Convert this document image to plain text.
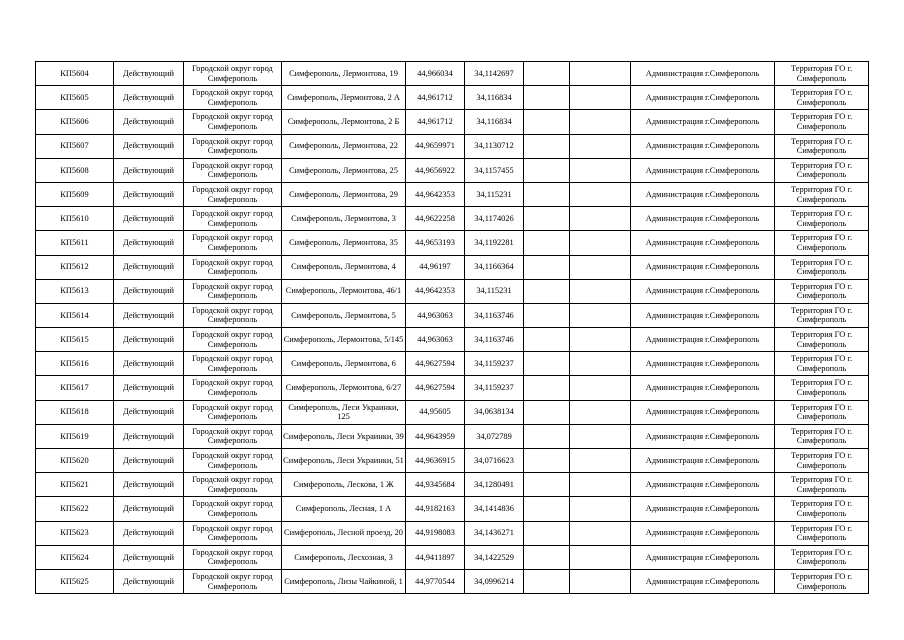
КП5604	Действующий	Городской округ город Симферополь	Симферополь, Лермонтова, 19	44,966034	34,1142697			Администрация г.Симферополь	Территория ГО г. Симферополь
КП5605	Действующий	Городской округ город Симферополь	Симферополь, Лермонтова, 2 А	44,961712	34,116834			Администрация г.Симферополь	Территория ГО г. Симферополь
КП5606	Действующий	Городской округ город Симферополь	Симферополь, Лермонтова, 2 Б	44,961712	34,116834			Администрация г.Симферополь	Территория ГО г. Симферополь
КП5607	Действующий	Городской округ город Симферополь	Симферополь, Лермонтова, 22	44,9659971	34,1130712			Администрация г.Симферополь	Территория ГО г. Симферополь
КП5608	Действующий	Городской округ город Симферополь	Симферополь, Лермонтова, 25	44,9656922	34,1157455			Администрация г.Симферополь	Территория ГО г. Симферополь
КП5609	Действующий	Городской округ город Симферополь	Симферополь, Лермонтова, 29	44,9642353	34,115231			Администрация г.Симферополь	Территория ГО г. Симферополь
КП5610	Действующий	Городской округ город Симферополь	Симферополь, Лермонтова, 3	44,9622258	34,1174026			Администрация г.Симферополь	Территория ГО г. Симферополь
КП5611	Действующий	Городской округ город Симферополь	Симферополь, Лермонтова, 35	44,9653193	34,1192281			Администрация г.Симферополь	Территория ГО г. Симферополь
КП5612	Действующий	Городской округ город Симферополь	Симферополь, Лермонтова, 4	44,96197	34,1166364			Администрация г.Симферополь	Территория ГО г. Симферополь
КП5613	Действующий	Городской округ город Симферополь	Симферополь, Лермонтова, 46/1	44,9642353	34,115231			Администрация г.Симферополь	Территория ГО г. Симферополь
КП5614	Действующий	Городской округ город Симферополь	Симферополь, Лермонтова, 5	44,963063	34,1163746			Администрация г.Симферополь	Территория ГО г. Симферополь
КП5615	Действующий	Городской округ город Симферополь	Симферополь, Лермонтова, 5/145	44,963063	34,1163746			Администрация г.Симферополь	Территория ГО г. Симферополь
КП5616	Действующий	Городской округ город Симферополь	Симферополь, Лермонтова, 6	44,9627594	34,1159237			Администрация г.Симферополь	Территория ГО г. Симферополь
КП5617	Действующий	Городской округ город Симферополь	Симферополь, Лермонтова, 6/27	44,9627594	34,1159237			Администрация г.Симферополь	Территория ГО г. Симферополь
КП5618	Действующий	Городской округ город Симферополь	Симферополь, Леси Украинки, 125	44,95605	34,0638134			Администрация г.Симферополь	Территория ГО г. Симферополь
КП5619	Действующий	Городской округ город Симферополь	Симферополь, Леси Украинки, 39	44,9643959	34,072789			Администрация г.Симферополь	Территория ГО г. Симферополь
КП5620	Действующий	Городской округ город Симферополь	Симферополь, Леси Украинки, 51	44,9636915	34,0716623			Администрация г.Симферополь	Территория ГО г. Симферополь
КП5621	Действующий	Городской округ город Симферополь	Симферополь, Лескова, 1 Ж	44,9345684	34,1280491			Администрация г.Симферополь	Территория ГО г. Симферополь
КП5622	Действующий	Городской округ город Симферополь	Симферополь, Лесная, 1 А	44,9182163	34,1414836			Администрация г.Симферополь	Территория ГО г. Симферополь
КП5623	Действующий	Городской округ город Симферополь	Симферополь, Лесной проезд, 20	44,9198083	34,1436271			Администрация г.Симферополь	Территория ГО г. Симферополь
КП5624	Действующий	Городской округ город Симферополь	Симферополь, Лесхозная, 3	44,9411897	34,1422529			Администрация г.Симферополь	Территория ГО г. Симферополь
КП5625	Действующий	Городской округ город Симферополь	Симферополь, Лизы Чайкиной, 1	44,9770544	34,0996214			Администрация г.Симферополь	Территория ГО г. Симферополь
